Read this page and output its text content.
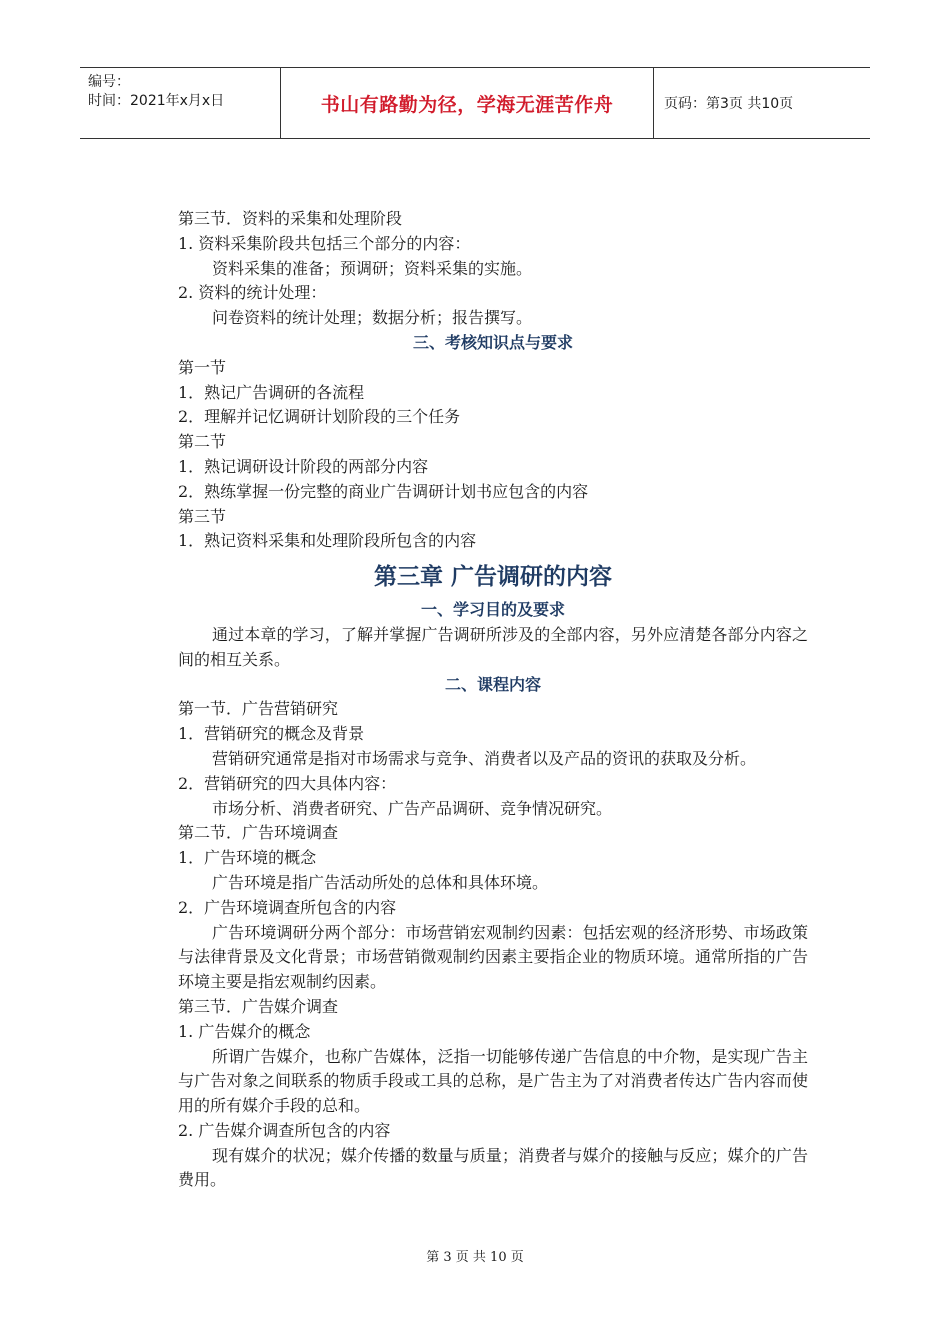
编号：
时间：2021年x月x日	书山有路勤为径，学海无涯苦作舟	页码：第3页 共10页
第三节．资料的采集和处理阶段
1. 资料采集阶段共包括三个部分的内容：
资料采集的准备；预调研；资料采集的实施。
2. 资料的统计处理：
问卷资料的统计处理；数据分析；报告撰写。
三、考核知识点与要求
第一节
1．熟记广告调研的各流程
2．理解并记忆调研计划阶段的三个任务
第二节
1．熟记调研设计阶段的两部分内容
2．熟练掌握一份完整的商业广告调研计划书应包含的内容
第三节
1．熟记资料采集和处理阶段所包含的内容
第三章 广告调研的内容
一、学习目的及要求
通过本章的学习，了解并掌握广告调研所涉及的全部内容，另外应清楚各部分内容之间的相互关系。
二、课程内容
第一节．广告营销研究
1．营销研究的概念及背景
营销研究通常是指对市场需求与竞争、消费者以及产品的资讯的获取及分析。
2．营销研究的四大具体内容：
市场分析、消费者研究、广告产品调研、竞争情况研究。
第二节．广告环境调查
1．广告环境的概念
广告环境是指广告活动所处的总体和具体环境。
2．广告环境调查所包含的内容
广告环境调研分两个部分：市场营销宏观制约因素：包括宏观的经济形势、市场政策与法律背景及文化背景；市场营销微观制约因素主要指企业的物质环境。通常所指的广告环境主要是指宏观制约因素。
第三节．广告媒介调查
1. 广告媒介的概念
所谓广告媒介，也称广告媒体，泛指一切能够传递广告信息的中介物，是实现广告主与广告对象之间联系的物质手段或工具的总称，是广告主为了对消费者传达广告内容而使用的所有媒介手段的总和。
2. 广告媒介调查所包含的内容
现有媒介的状况；媒介传播的数量与质量；消费者与媒介的接触与反应；媒介的广告费用。
第 3 页 共 10 页
